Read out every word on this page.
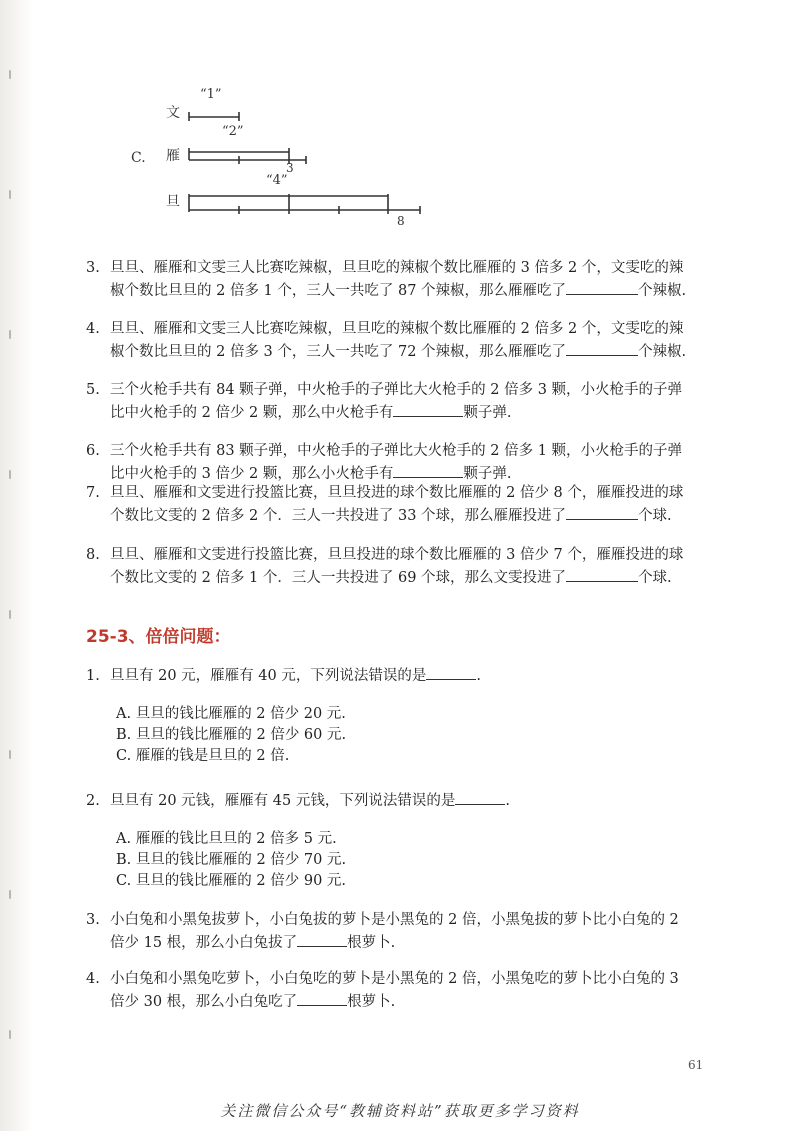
C.
文
“1”
雁
“2”
3
旦
“4”
8
3. 旦旦、雁雁和文雯三人比赛吃辣椒，旦旦吃的辣椒个数比雁雁的 3 倍多 2 个，文雯吃的辣
椒个数比旦旦的 2 倍多 1 个，三人一共吃了 87 个辣椒，那么雁雁吃了	个辣椒.
4. 旦旦、雁雁和文雯三人比赛吃辣椒，旦旦吃的辣椒个数比雁雁的 2 倍多 2 个，文雯吃的辣
椒个数比旦旦的 2 倍多 3 个，三人一共吃了 72 个辣椒，那么雁雁吃了	个辣椒.
5. 三个火枪手共有 84 颗子弹，中火枪手的子弹比大火枪手的 2 倍多 3 颗，小火枪手的子弹
比中火枪手的 2 倍少 2 颗，那么中火枪手有	颗子弹.
6. 三个火枪手共有 83 颗子弹，中火枪手的子弹比大火枪手的 2 倍多 1 颗，小火枪手的子弹
比中火枪手的 3 倍少 2 颗，那么小火枪手有	颗子弹.
7. 旦旦、雁雁和文雯进行投篮比赛，旦旦投进的球个数比雁雁的 2 倍少 8 个，雁雁投进的球
个数比文雯的 2 倍多 2 个．三人一共投进了 33 个球，那么雁雁投进了	个球.
8. 旦旦、雁雁和文雯进行投篮比赛，旦旦投进的球个数比雁雁的 3 倍少 7 个，雁雁投进的球
个数比文雯的 2 倍多 1 个．三人一共投进了 69 个球，那么文雯投进了	个球.
25-3、倍倍问题：
1. 旦旦有 20 元，雁雁有 40 元，下列说法错误的是	.
A. 旦旦的钱比雁雁的 2 倍少 20 元.
B. 旦旦的钱比雁雁的 2 倍少 60 元.
C. 雁雁的钱是旦旦的 2 倍.
2. 旦旦有 20 元钱，雁雁有 45 元钱，下列说法错误的是	.
A. 雁雁的钱比旦旦的 2 倍多 5 元.
B. 旦旦的钱比雁雁的 2 倍少 70 元.
C. 旦旦的钱比雁雁的 2 倍少 90 元.
3. 小白兔和小黑兔拔萝卜，小白兔拔的萝卜是小黑兔的 2 倍，小黑兔拔的萝卜比小白兔的 2
倍少 15 根，那么小白兔拔了	根萝卜.
4. 小白兔和小黑兔吃萝卜，小白兔吃的萝卜是小黑兔的 2 倍，小黑兔吃的萝卜比小白兔的 3
倍少 30 根，那么小白兔吃了	根萝卜.
61
关注微信公众号“教辅资料站”获取更多学习资料
